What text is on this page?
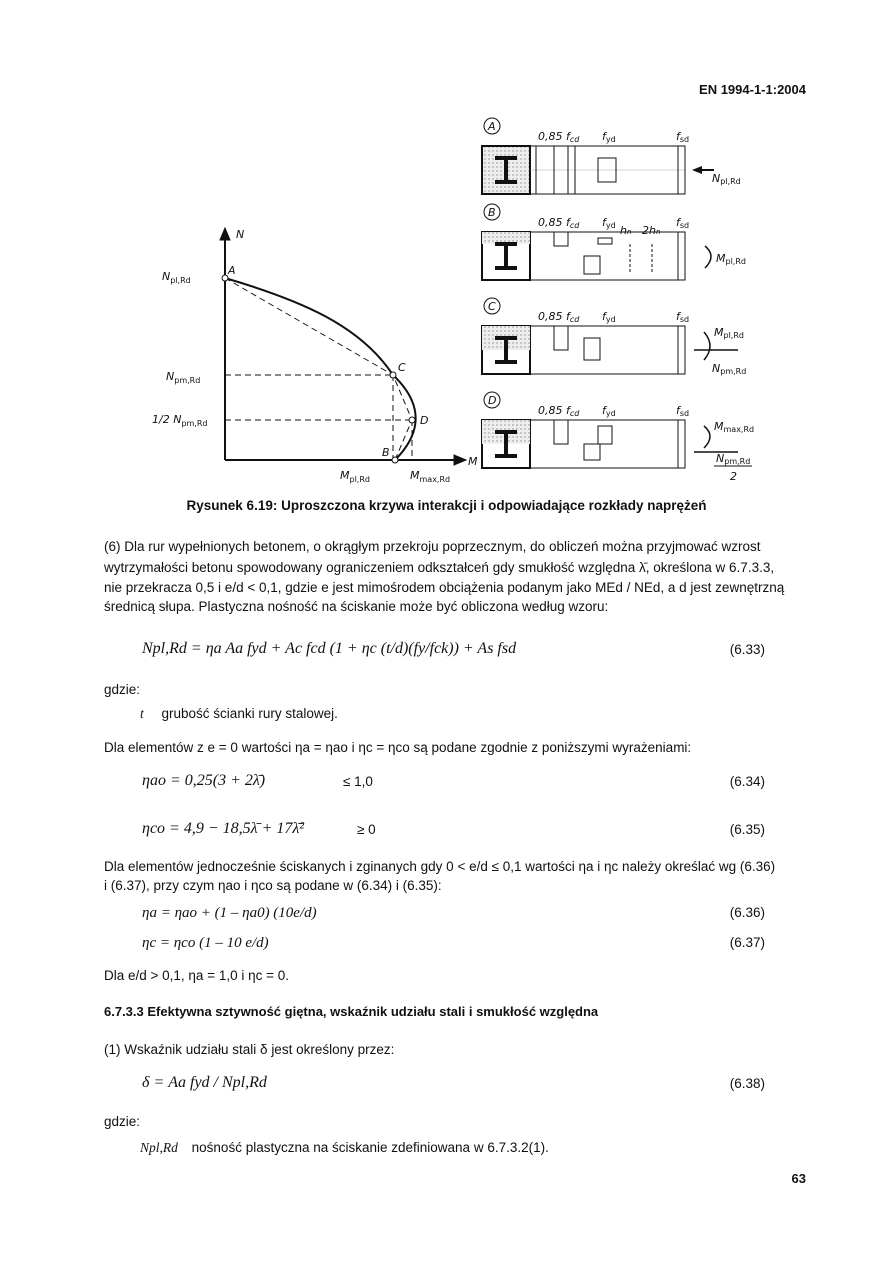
EN 1994-1-1:2004
N
M
A
C
D
B
$N_{pl,Rd}$
$N_{pm,Rd}$
1/2 $N_{pm,Rd}$
$M_{pl,Rd}$	$M_{max,Rd}$
A
0,85 fcd fyd	fsd
Npl,Rd
B
0,85 fcd fyd	fsd
Mpl,Rd
hn 2hn
C
0,85 fcd fyd	fsd
Mpl,Rd
Npm,Rd
D
0,85 fcd fyd	fsd
Mmax,Rd
Npm,Rd
2
Rysunek 6.19: Uproszczona krzywa interakcji i odpowiadające rozkłady naprężeń
(6) Dla rur wypełnionych betonem, o okrągłym przekroju poprzecznym, do obliczeń można przyjmować wzrost
wytrzymałości betonu spowodowany ograniczeniem odkształceń gdy smukłość względna λ̄, określona w 6.7.3.3,
nie przekracza 0,5 i e/d < 0,1, gdzie e jest mimośrodem obciążenia podanym jako MEd / NEd, a d jest zewnętrzną
średnicą słupa. Plastyczna nośność na ściskanie może być obliczona według wzoru:
Npl,Rd = ηa Aa fyd + Ac fcd (1 + ηc (t/d)(fy/fck)) + As fsd	(6.33)
gdzie:
t grubość ścianki rury stalowej.
Dla elementów z e = 0 wartości ηa = ηao i ηc = ηco są podane zgodnie z poniższymi wyrażeniami:
ηao = 0,25(3 + 2λ̄)	≤ 1,0	(6.34)
ηco = 4,9 − 18,5λ̄ + 17λ̄²	≥ 0	(6.35)
Dla elementów jednocześnie ściskanych i zginanych gdy 0 < e/d ≤ 0,1 wartości ηa i ηc należy określać wg (6.36)
i (6.37), przy czym ηao i ηco są podane w (6.34) i (6.35):
ηa = ηao + (1 – ηa0) (10e/d)	(6.36)
ηc = ηco (1 – 10 e/d)	(6.37)
Dla e/d > 0,1, ηa = 1,0 i ηc = 0.
6.7.3.3 Efektywna sztywność giętna, wskaźnik udziału stali i smukłość względna
(1) Wskaźnik udziału stali δ jest określony przez:
δ = Aa fyd / Npl,Rd	(6.38)
gdzie:
Npl,Rd nośność plastyczna na ściskanie zdefiniowana w 6.7.3.2(1).
63
